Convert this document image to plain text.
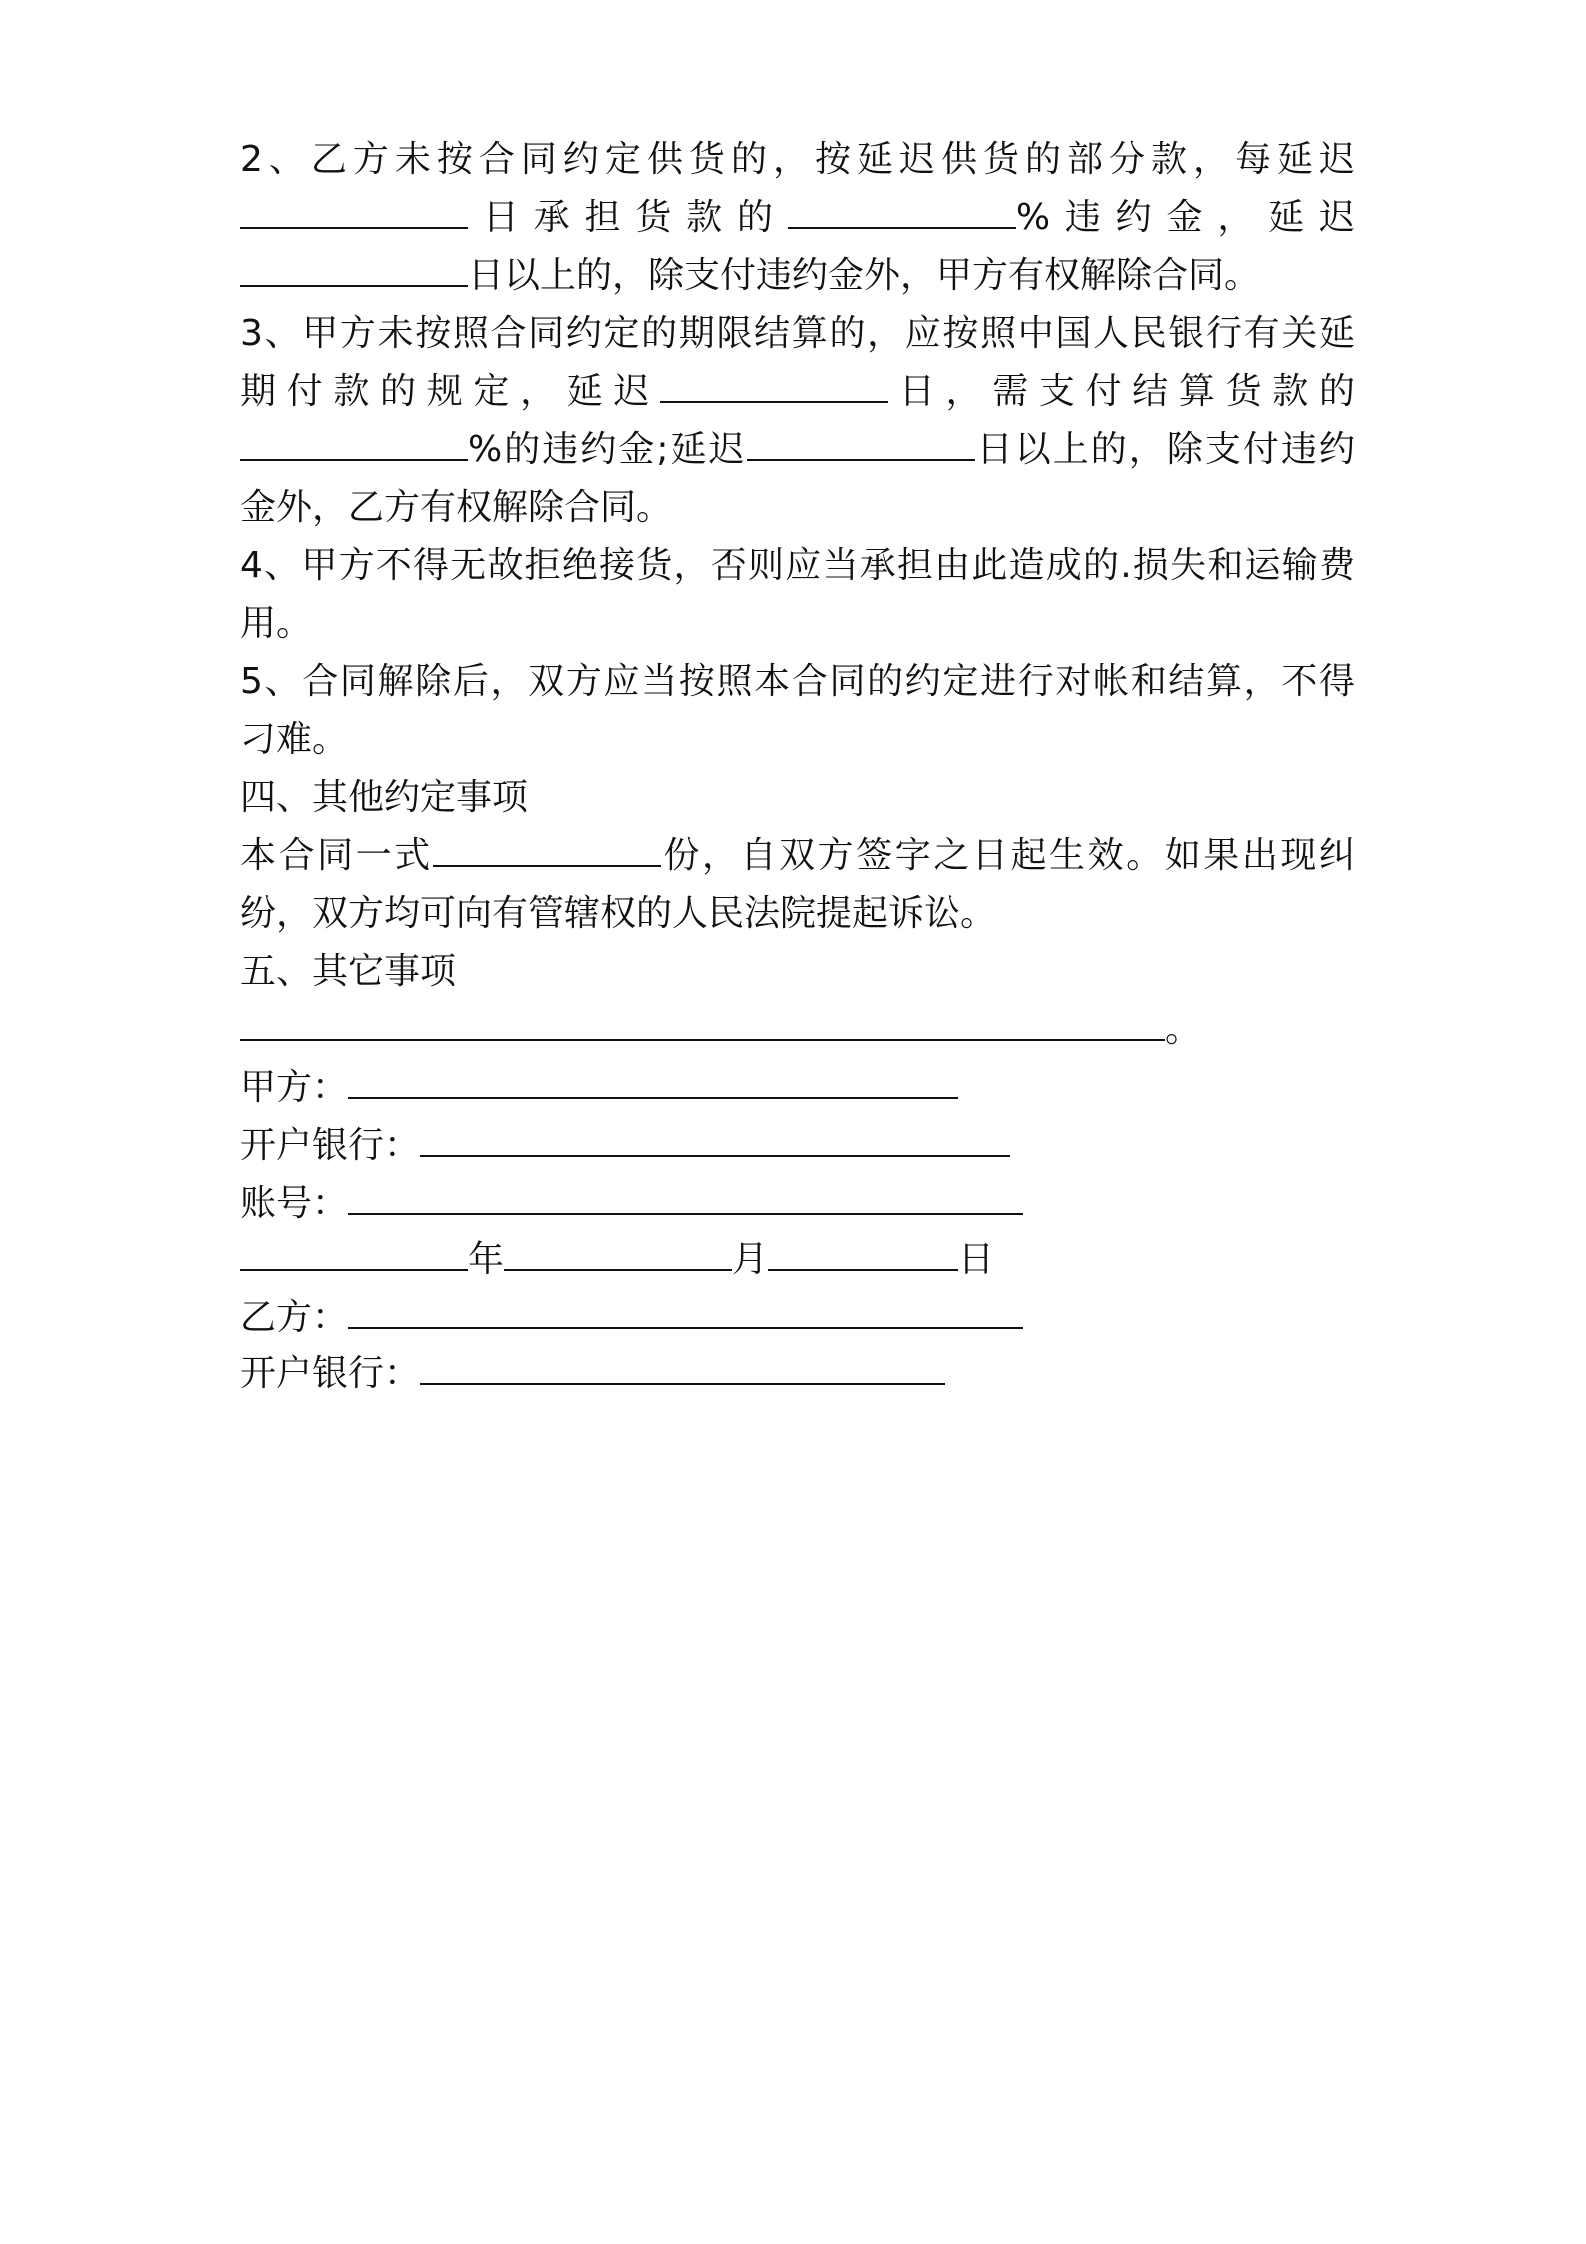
2、乙方未按合同约定供货的，按延迟供货的部分款，每延迟
日承担货款的	%违约金，延迟
日以上的，除支付违约金外，甲方有权解除合同。
3、甲方未按照合同约定的期限结算的，应按照中国人民银行有关延
期付款的规定，延迟	日，需支付结算货款的
%的违约金;延迟	日以上的，除支付违约
金外，乙方有权解除合同。
4、甲方不得无故拒绝接货，否则应当承担由此造成的.损失和运输费
用。
5、合同解除后，双方应当按照本合同的约定进行对帐和结算，不得
刁难。
四、其他约定事项
本合同一式	份，自双方签字之日起生效。如果出现纠
纷，双方均可向有管辖权的人民法院提起诉讼。
五、其它事项
。
甲方：
开户银行：
账号：
年	月	日
乙方：
开户银行：
